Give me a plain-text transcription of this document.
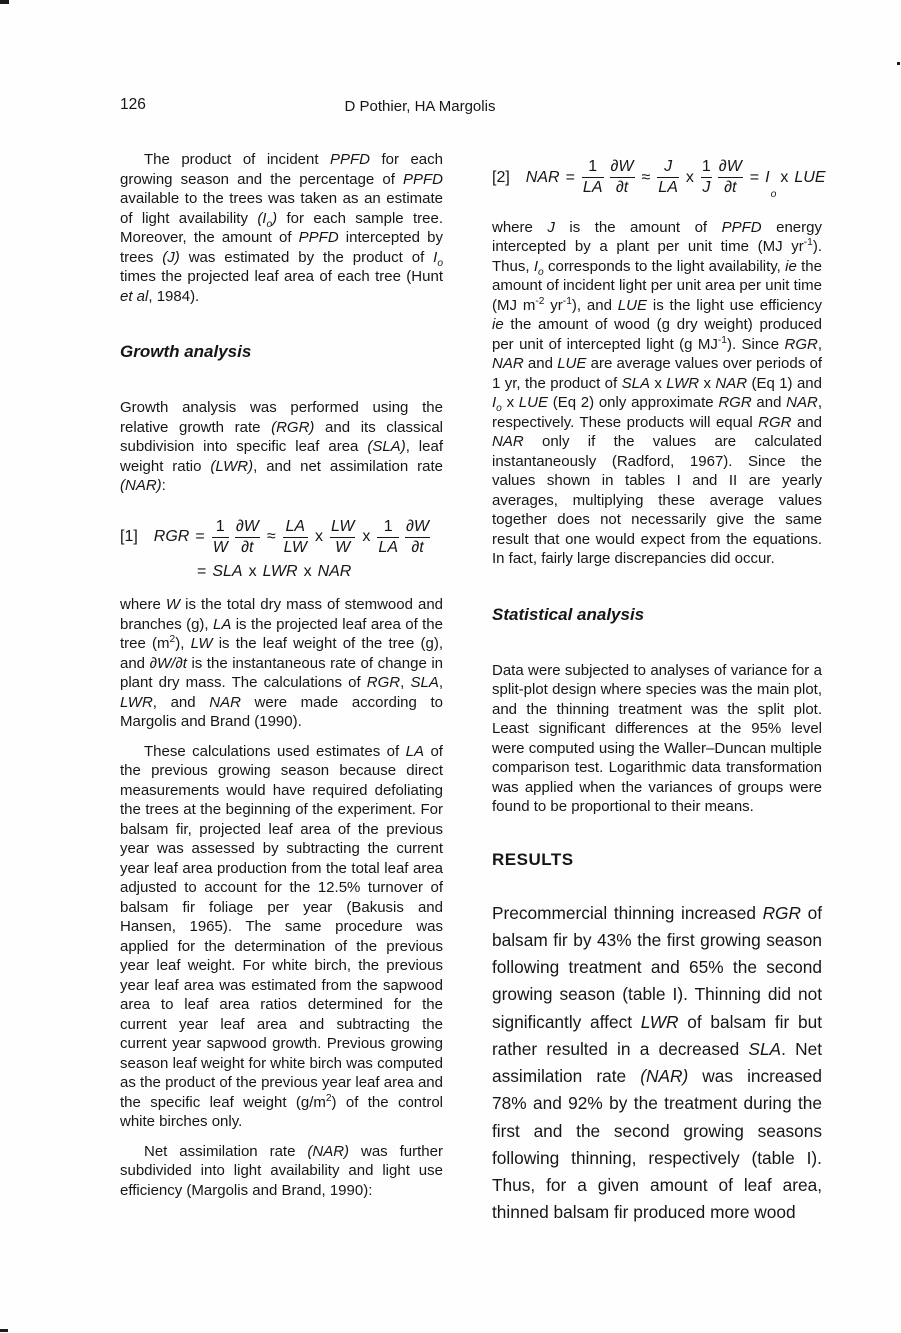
126	D Pothier, HA Margolis

The product of incident PPFD for each growing season and the percentage of PPFD available to the trees was taken as an estimate of light availability $(I_o)$ for each sample tree. Moreover, the amount of PPFD intercepted by trees (J) was estimated by the product of $I_o$ times the projected leaf area of each tree (Hunt et al, 1984).

Growth analysis

Growth analysis was performed using the relative growth rate (RGR) and its classical subdivision into specific leaf area (SLA), leaf weight ratio (LWR), and net assimilation rate (NAR):

[1] RGR = $\frac{1}{W} \frac{\partial W}{\partial t} \approx \frac{LA}{LW}$ x $\frac{LW}{W}$ x $\frac{1}{LA} \frac{\partial W}{\partial t}$
= SLA x LWR x NAR

where W is the total dry mass of stemwood and branches (g), LA is the projected leaf area of the tree $(m^2)$, LW is the leaf weight of the tree (g), and ∂W/∂t is the instantaneous rate of change in plant dry mass. The calculations of RGR, SLA, LWR, and NAR were made according to Margolis and Brand (1990).

These calculations used estimates of LA of the previous growing season because direct measurements would have required defoliating the trees at the beginning of the experiment. For balsam fir, projected leaf area of the previous year was assessed by subtracting the current year leaf area production from the total leaf area adjusted to account for the 12.5% turnover of balsam fir foliage per year (Bakusis and Hansen, 1965). The same procedure was applied for the determination of the previous year leaf weight. For white birch, the previous year leaf area was estimated from the sapwood area to leaf area ratios determined for the current year leaf area and subtracting the current year sapwood growth. Previous growing season leaf weight for white birch was computed as the product of the previous year leaf area and the specific leaf weight $(g/m^2)$ of the control white birches only.

Net assimilation rate (NAR) was further subdivided into light availability and light use efficiency (Margolis and Brand, 1990):

[2] NAR = $\frac{1}{LA} \frac{\partial W}{\partial t} \approx \frac{J}{LA}$ x $\frac{1}{J} \frac{\partial W}{\partial t} = I$
o
x LUE

where J is the amount of PPFD energy intercepted by a plant per unit time (MJ $yr^{-1}$). Thus, $I_o$ corresponds to the light availability, ie the amount of incident light per unit area per unit time (MJ $m^{-2}$ $yr^{-1}$), and LUE is the light use efficiency ie the amount of wood (g dry weight) produced per unit of intercepted light (g $MJ^{-1}$). Since RGR, NAR and LUE are average values over periods of 1 yr, the product of SLA x LWR x NAR (Eq 1) and $I_o$ x LUE (Eq 2) only approximate RGR and NAR, respectively. These products will equal RGR and NAR only if the values are calculated instantaneously (Radford, 1967). Since the values shown in tables I and II are yearly averages, multiplying these average values together does not necessarily give the same result that one would expect from the equations. In fact, fairly large discrepancies did occur.

Statistical analysis

Data were subjected to analyses of variance for a split-plot design where species was the main plot, and the thinning treatment was the split plot. Least significant differences at the 95% level were computed using the Waller–Duncan multiple comparison test. Logarithmic data transformation was applied when the variances of groups were found to be proportional to their means.

RESULTS

Precommercial thinning increased RGR of balsam fir by 43% the first growing season following treatment and 65% the second growing season (table I). Thinning did not significantly affect LWR of balsam fir but rather resulted in a decreased SLA. Net assimilation rate (NAR) was increased 78% and 92% by the treatment during the first and the second growing seasons following thinning, respectively (table I). Thus, for a given amount of leaf area, thinned balsam fir produced more wood
